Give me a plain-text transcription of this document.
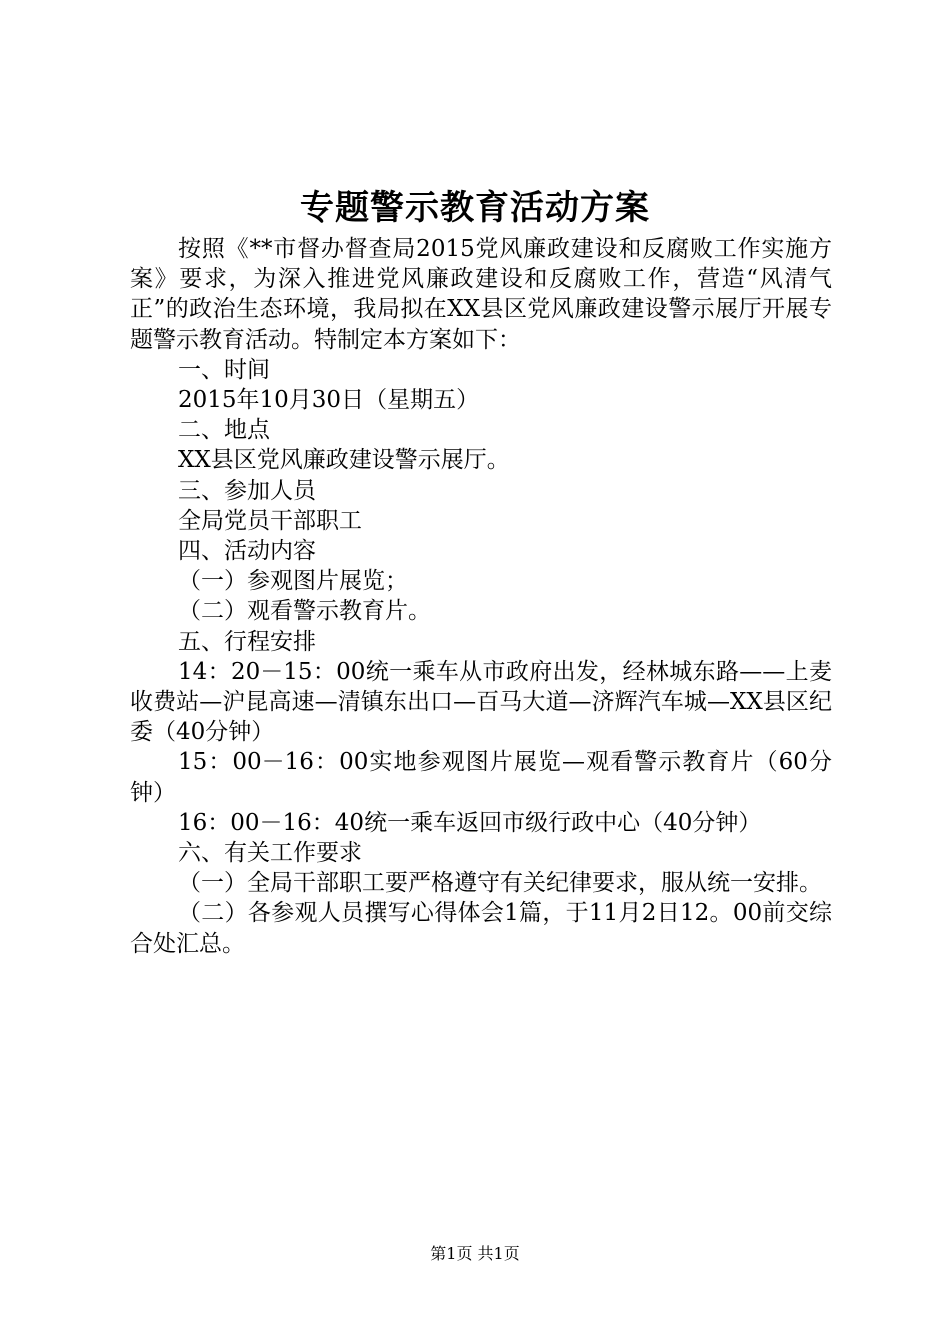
专题警示教育活动方案

按照《**市督办督查局2015党风廉政建设和反腐败工作实施方案》要求，为深入推进党风廉政建设和反腐败工作，营造“风清气正”的政治生态环境，我局拟在XX县区党风廉政建设警示展厅开展专题警示教育活动。特制定本方案如下：

一、时间

2015年10月30日（星期五）

二、地点

XX县区党风廉政建设警示展厅。

三、参加人员

全局党员干部职工

四、活动内容

（一）参观图片展览；

（二）观看警示教育片。

五、行程安排

14：20－15：00统一乘车从市政府出发，经林城东路——上麦收费站—沪昆高速—清镇东出口—百马大道—济辉汽车城—XX县区纪委（40分钟）

15：00－16：00实地参观图片展览—观看警示教育片（60分钟）

16：00－16：40统一乘车返回市级行政中心（40分钟）

六、有关工作要求

（一）全局干部职工要严格遵守有关纪律要求，服从统一安排。

（二）各参观人员撰写心得体会1篇，于11月2日12。00前交综合处汇总。

第1页 共1页
